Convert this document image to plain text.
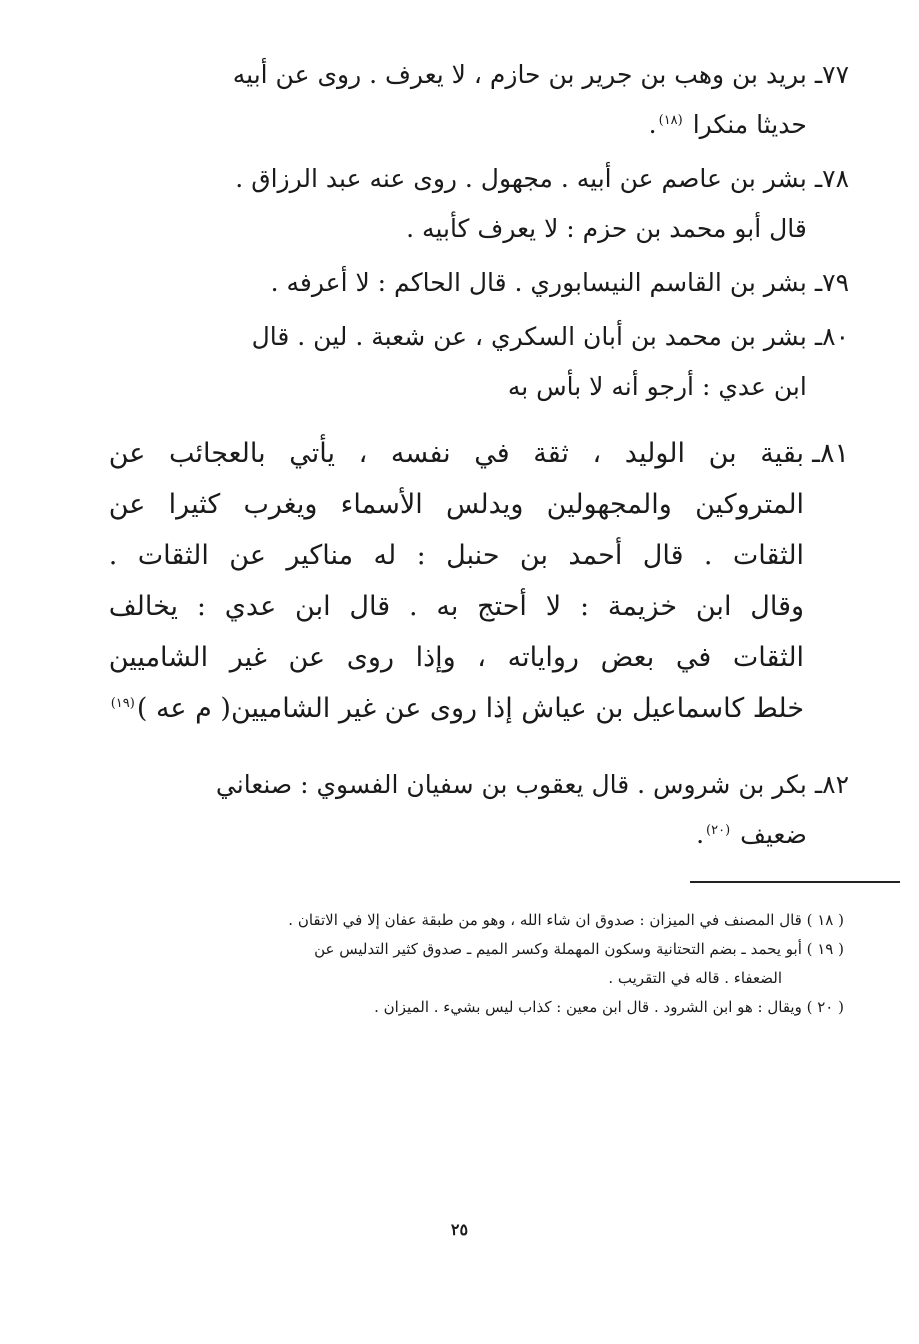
٧٧ـ
بريد بن وهب بن جرير بن حازم ، لا يعرف . روى عن أبيه
حديثا منكرا $^{(١٨)}$.
٧٨ـ
بشر بن عاصم عن أبيه . مجهول . روى عنه عبد الرزاق .
قال أبو محمد بن حزم : لا يعرف كأبيه .
٧٩ـ
بشر بن القاسم النيسابوري . قال الحاكم : لا أعرفه .
٨٠ـ
بشر بن محمد بن أبان السكري ، عن شعبة . لين . قال
ابن عدي : أرجو أنه لا بأس به
٨١ـ
بقية بن الوليد ، ثقة في نفسه ، يأتي بالعجائب عن
المتروكين والمجهولين ويدلس الأسماء ويغرب كثيرا عن
الثقات . قال أحمد بن حنبل : له مناكير عن الثقات .
وقال ابن خزيمة : لا أحتج به . قال ابن عدي : يخالف
الثقات في بعض رواياته ، وإذا روى عن غير الشاميين
خلط كاسماعيل بن عياش إذا روى عن غير الشاميين( م عه )$^{(١٩)}$
٨٢ـ
بكر بن شروس . قال يعقوب بن سفيان الفسوي : صنعاني
ضعيف $^{(٢٠)}$.
( ١٨ ) قال المصنف في الميزان : صدوق ان شاء الله ، وهو من طبقة عفان إلا في الاتقان .
( ١٩ ) أبو يحمد ـ بضم التحتانية وسكون المهملة وكسر الميم ـ صدوق كثير التدليس عن
الضعفاء . قاله في التقريب .
( ٢٠ ) ويقال : هو ابن الشرود . قال ابن معين : كذاب ليس بشيء . الميزان .
٢٥
